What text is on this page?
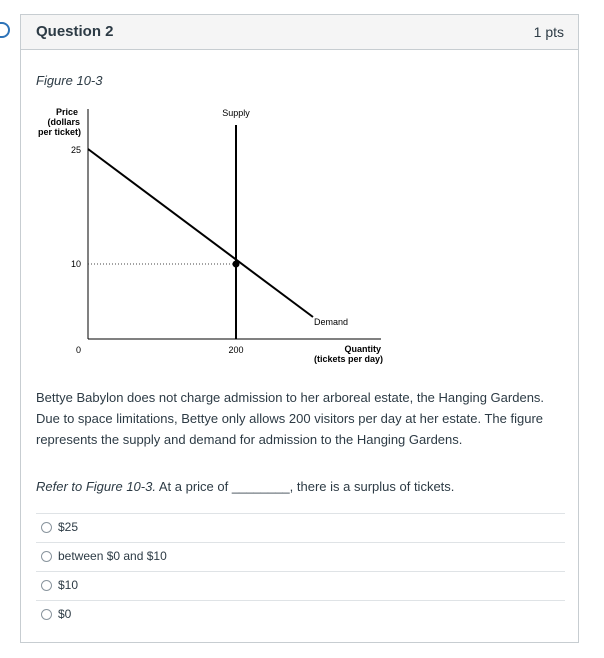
Question 2	1 pts
Figure 10-3
Price
(dollars
per ticket)
25
10
0	200
Supply
Demand
Quantity
(tickets per day)
Bettye Babylon does not charge admission to her arboreal estate, the Hanging Gardens. Due to space limitations, Bettye only allows 200 visitors per day at her estate. The figure represents the supply and demand for admission to the Hanging Gardens.
Refer to Figure 10-3. At a price of ________, there is a surplus of tickets.
$25
between $0 and $10
$10
$0
